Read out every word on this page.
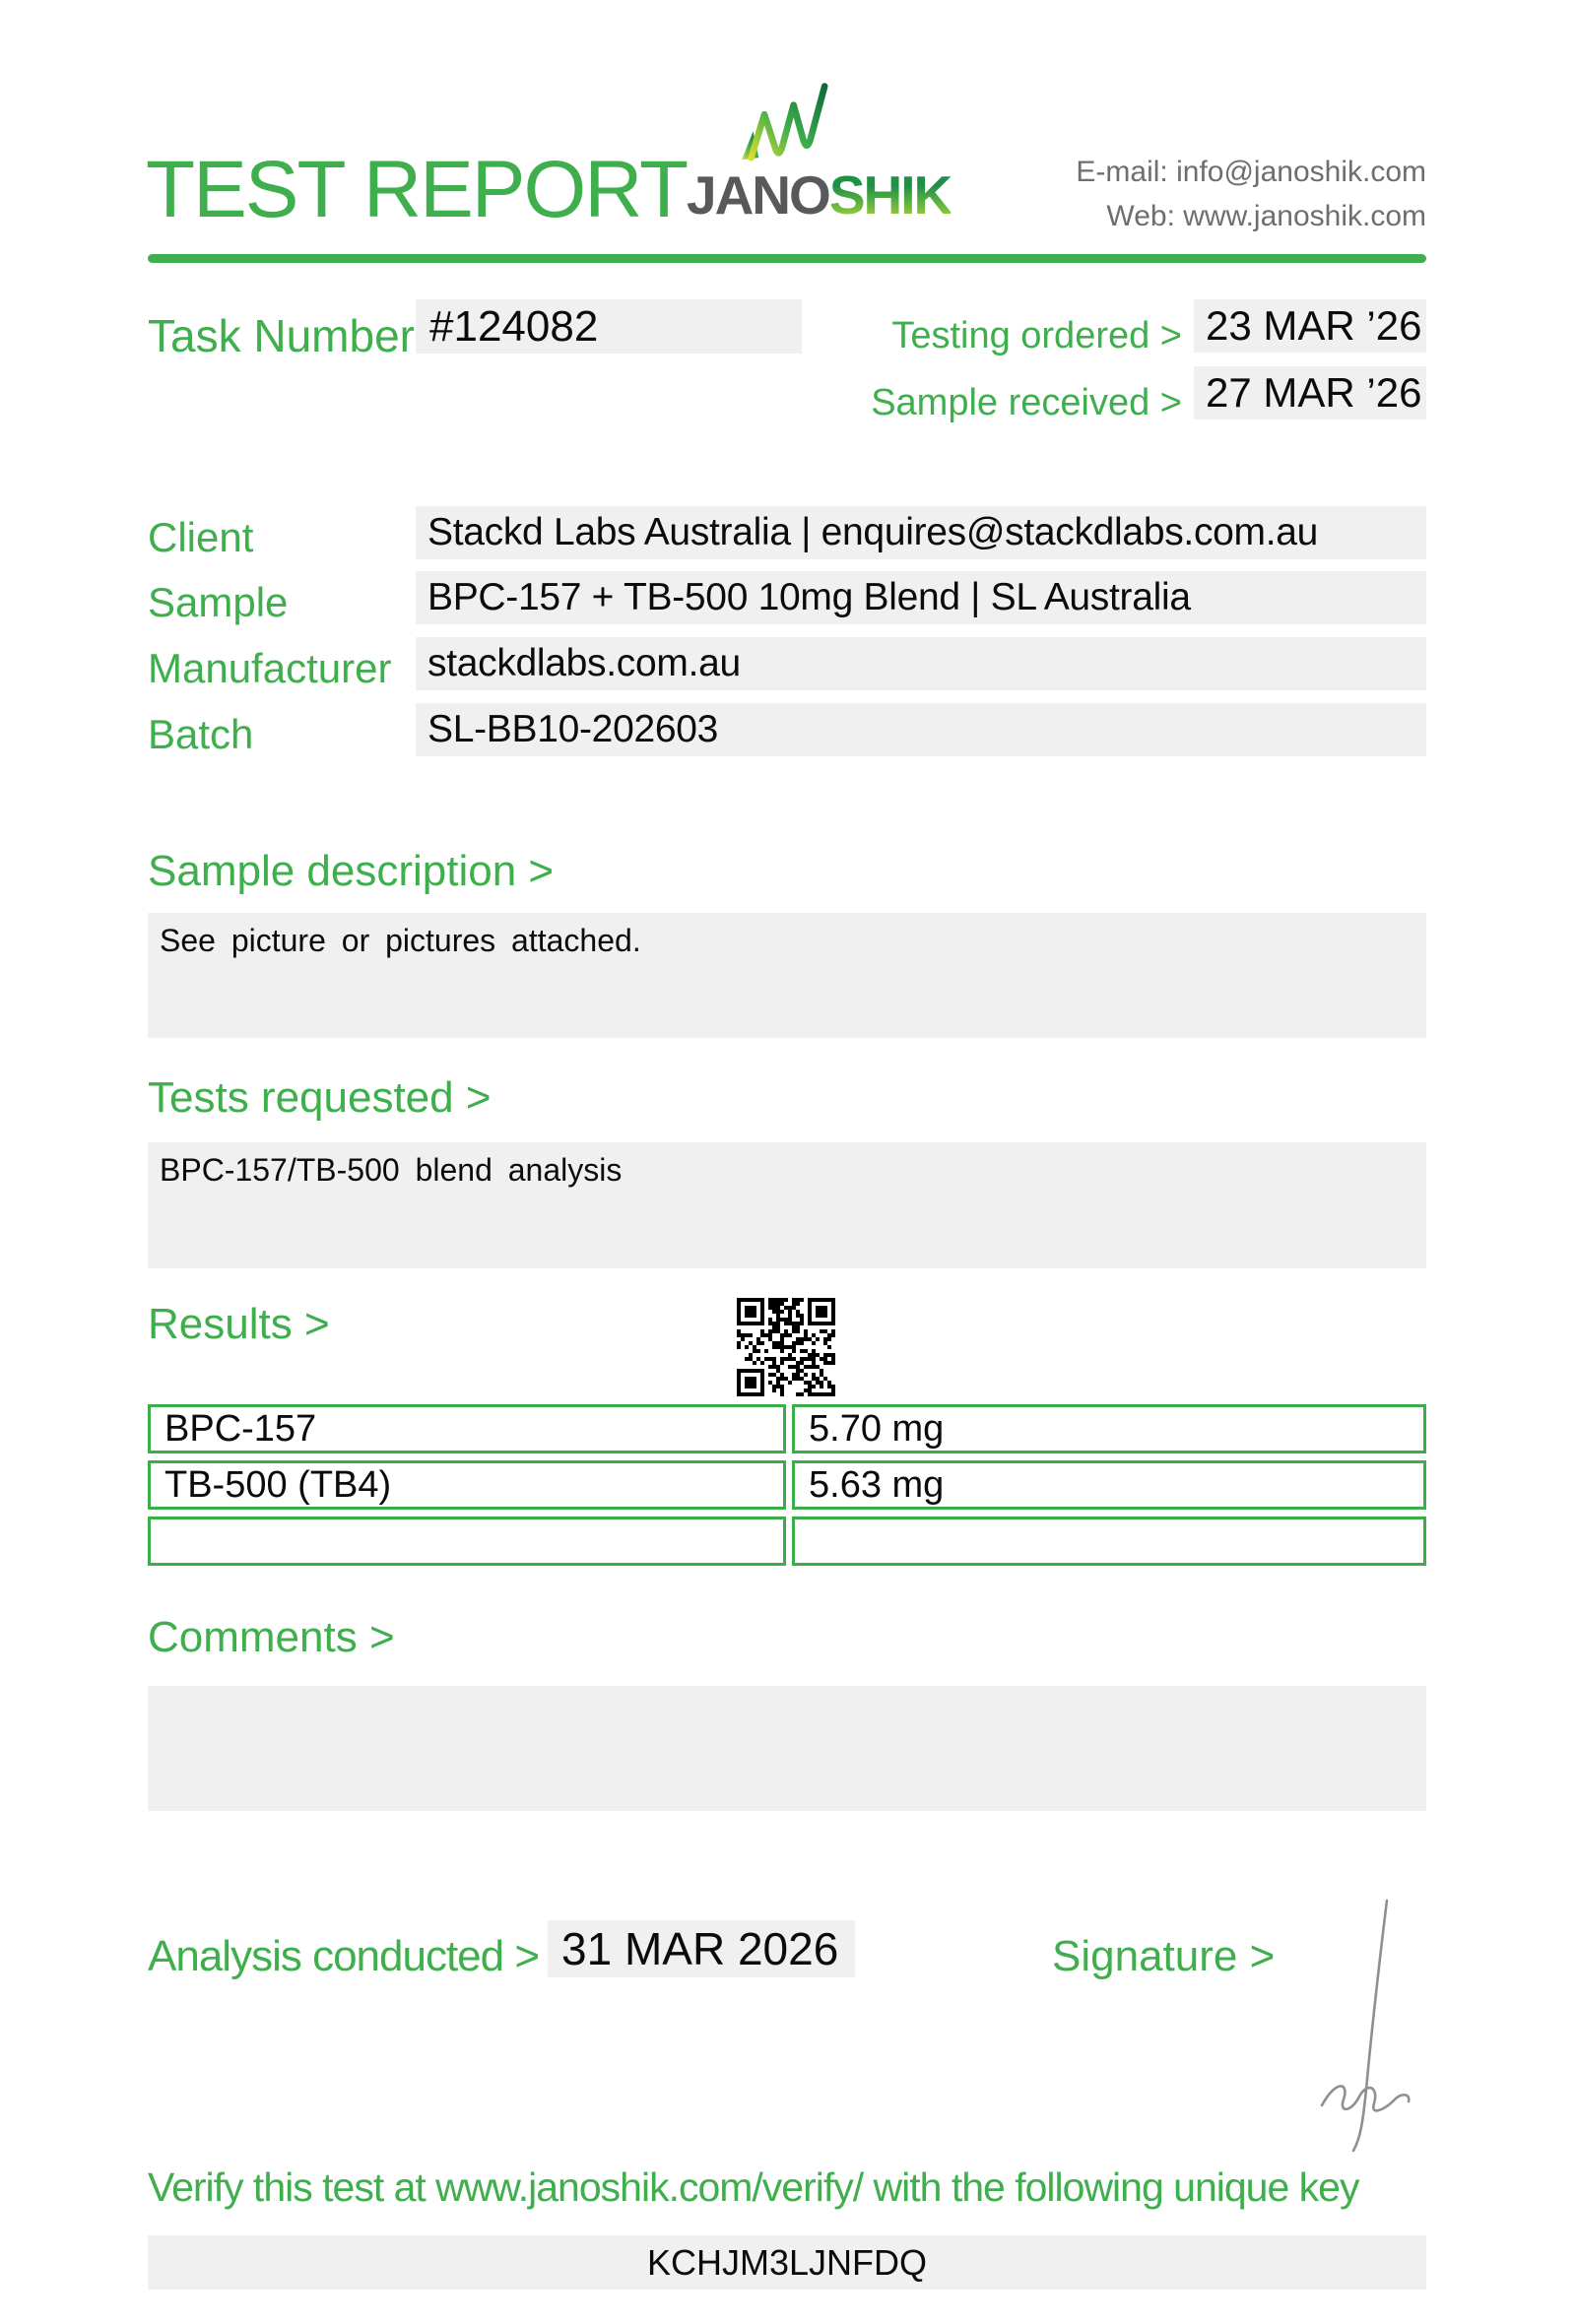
TEST REPORT JANOSHIK	E-mail: info@janoshik.com
Web: www.janoshik.com
Task Number #124082	Testing ordered > 23 MAR ’26
Sample received > 27 MAR ’26
Client	Stackd Labs Australia | enquires@stackdlabs.com.au
Sample	BPC-157 + TB-500 10mg Blend | SL Australia
Manufacturer stackdlabs.com.au
Batch	SL-BB10-202603
Sample description >
See picture or pictures attached.
Tests requested >
BPC-157/TB-500 blend analysis
Results >
BPC-157	5.70 mg
TB-500 (TB4)	5.63 mg
Comments >
Analysis conducted > 31 MAR 2026	Signature >
Verify this test at www.janoshik.com/verify/ with the following unique key
KCHJM3LJNFDQ
